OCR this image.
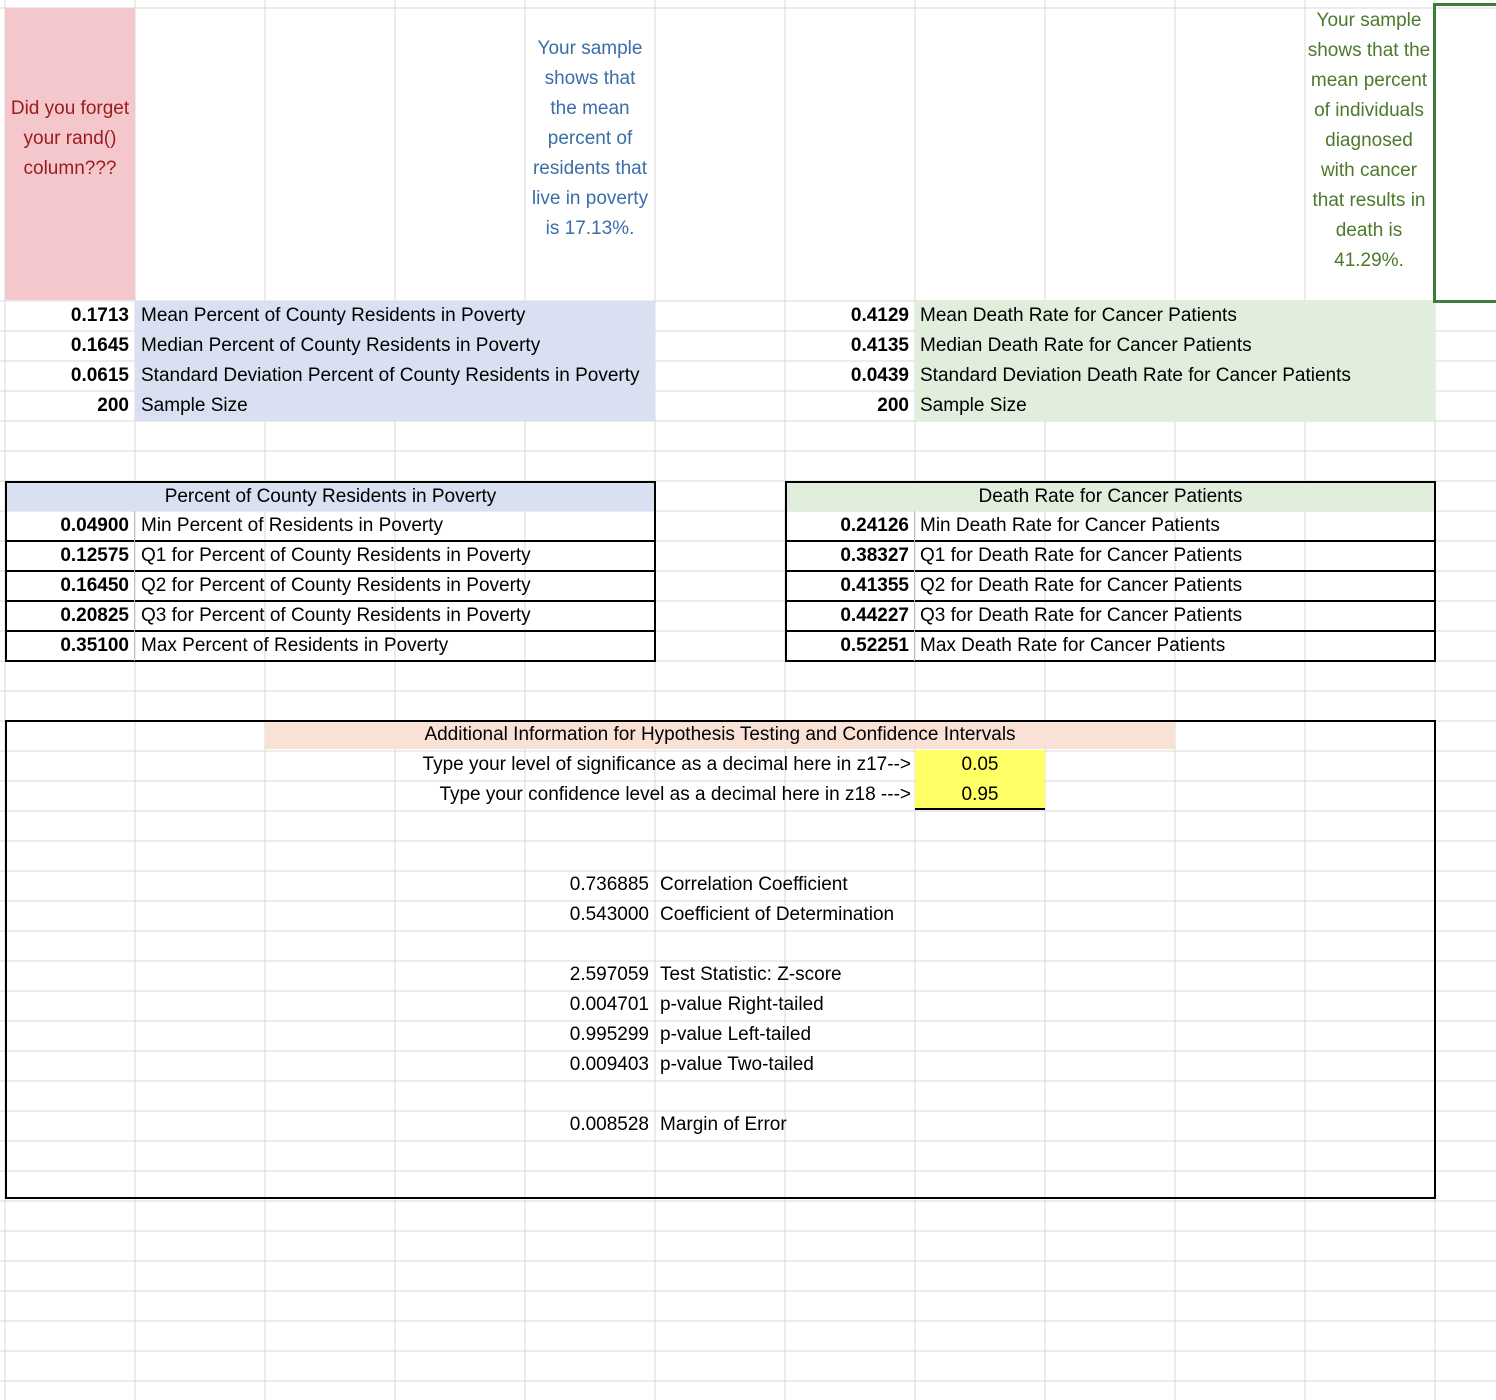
Did you forget your rand() column???
Your sample shows that the mean percent of residents that live in poverty is 17.13%.
Your sample shows that the mean percent of individuals diagnosed with cancer that results in death is 41.29%.
0.1713 Mean Percent of County Residents in Poverty
0.1645 Median Percent of County Residents in Poverty
0.0615 Standard Deviation Percent of County Residents in Poverty
200 Sample Size
0.4129 Mean Death Rate for Cancer Patients
0.4135 Median Death Rate for Cancer Patients
0.0439 Standard Deviation Death Rate for Cancer Patients
200 Sample Size
Percent of County Residents in Poverty
0.04900 Min Percent of Residents in Poverty
0.12575 Q1 for Percent of County Residents in Poverty
0.16450 Q2 for Percent of County Residents in Poverty
0.20825 Q3 for Percent of County Residents in Poverty
0.35100 Max Percent of Residents in Poverty
Death Rate for Cancer Patients
0.24126 Min Death Rate for Cancer Patients
0.38327 Q1 for Death Rate for Cancer Patients
0.41355 Q2 for Death Rate for Cancer Patients
0.44227 Q3 for Death Rate for Cancer Patients
0.52251 Max Death Rate for Cancer Patients
Additional Information for Hypothesis Testing and Confidence Intervals
Type your level of significance as a decimal here in z17-->	0.05
Type your confidence level as a decimal here in z18 --->	0.95
0.736885 Correlation Coefficient
0.543000 Coefficient of Determination
2.597059 Test Statistic: Z-score
0.004701 p-value Right-tailed
0.995299 p-value Left-tailed
0.009403 p-value Two-tailed
0.008528 Margin of Error
